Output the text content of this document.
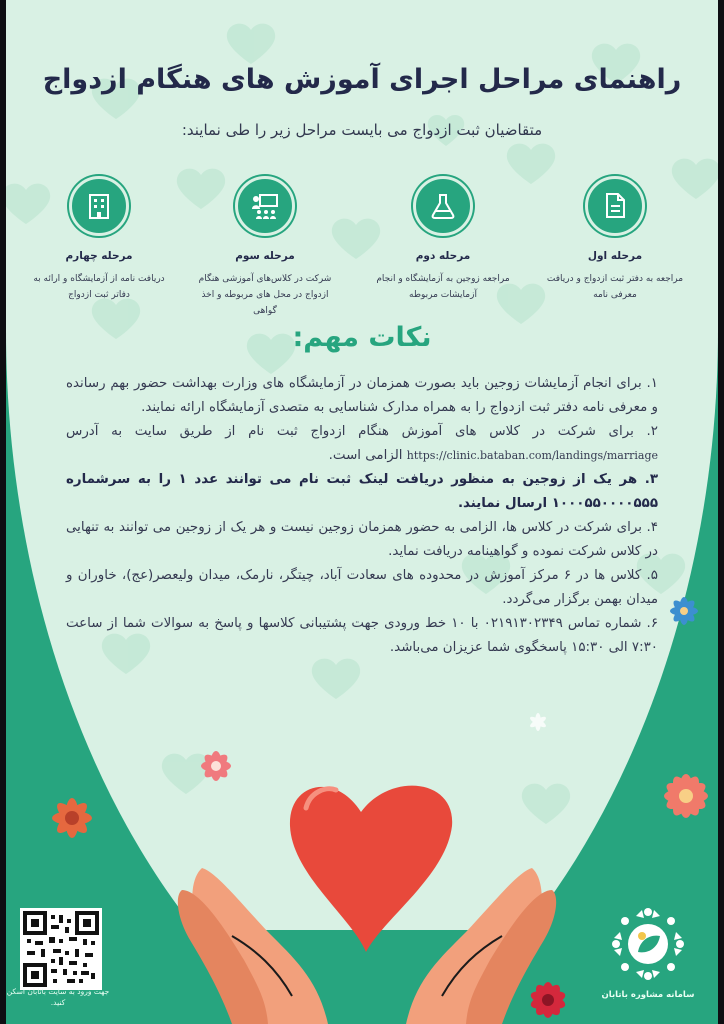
راهنمای مراحل اجرای آموزش های هنگام ازدواج
متقاضیان ثبت ازدواج می بایست مراحل زیر را طی نمایند:
مرحله اول
مراجعه به دفتر ثبت ازدواج و دریافت معرفی نامه
مرحله دوم
مراجعه زوجین به آزمایشگاه و انجام آزمایشات مربوطه
مرحله سوم
شرکت در کلاس‌های آموزشی هنگام ازدواج در محل های مربوطه و اخذ گواهی
مرحله چهارم
دریافت نامه از آزمایشگاه و ارائه به دفاتر ثبت ازدواج
نکات مهم:

۱. برای انجام آزمایشات زوجین باید بصورت همزمان در آزمایشگاه های وزارت بهداشت حضور بهم رسانده و معرفی نامه دفتر ثبت ازدواج را به همراه مدارک شناسایی به متصدی آزمایشگاه ارائه نمایند.

۲. برای شرکت در کلاس های آموزش هنگام ازدواج ثبت نام از طریق سایت به آدرس https://clinic.bataban.com/landings/marriage الزامی است.

۳. هر یک از زوجین به منظور دریافت لینک ثبت نام می توانند عدد ۱ را به سرشماره ۱۰۰۰۵۵۰۰۰۰۵۵۵ ارسال نمایند.

۴. برای شرکت در کلاس ها، الزامی به حضور همزمان زوجین نیست و هر یک از زوجین می توانند به تنهایی در کلاس شرکت نموده و گواهینامه دریافت نماید.

۵. کلاس ها در ۶ مرکز آموزش در محدوده های سعادت آباد، چیتگر، نارمک، میدان ولیعصر(عج)، خاوران و میدان بهمن برگزار می‌گردد.

۶. شماره تماس ۰۲۱۹۱۳۰۲۳۴۹ با ۱۰ خط ورودی جهت پشتیبانی کلاسها و پاسخ به سوالات شما از ساعت ۷:۳۰ الی ۱۵:۳۰ پاسخگوی شما عزیزان می‌باشد.

جهت ورود به سایت باتابان اسکن کنید.
سامانه مشاوره باتابان
